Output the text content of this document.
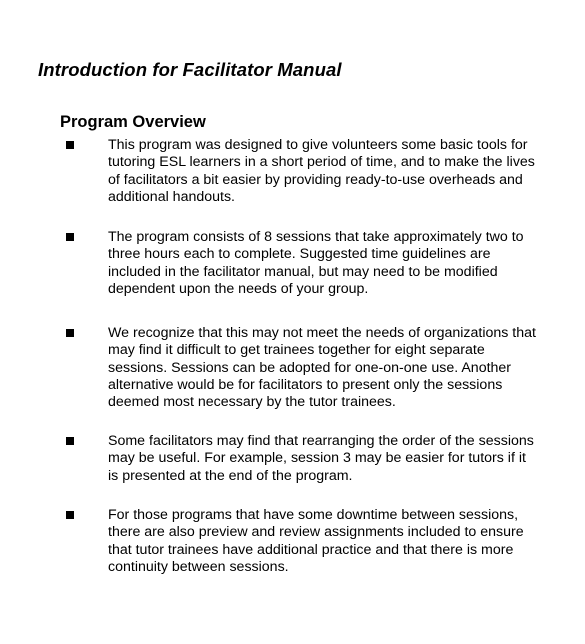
Introduction for Facilitator Manual
Program Overview

This program was designed to give volunteers some basic tools for
tutoring ESL learners in a short period of time, and to make the lives
of facilitators a bit easier by providing ready-to-use overheads and
additional handouts.

The program consists of 8 sessions that take approximately two to
three hours each to complete. Suggested time guidelines are
included in the facilitator manual, but may need to be modified
dependent upon the needs of your group.

We recognize that this may not meet the needs of organizations that
may find it difficult to get trainees together for eight separate
sessions. Sessions can be adopted for one-on-one use. Another
alternative would be for facilitators to present only the sessions
deemed most necessary by the tutor trainees.

Some facilitators may find that rearranging the order of the sessions
may be useful. For example, session 3 may be easier for tutors if it
is presented at the end of the program.

For those programs that have some downtime between sessions,
there are also preview and review assignments included to ensure
that tutor trainees have additional practice and that there is more
continuity between sessions.
